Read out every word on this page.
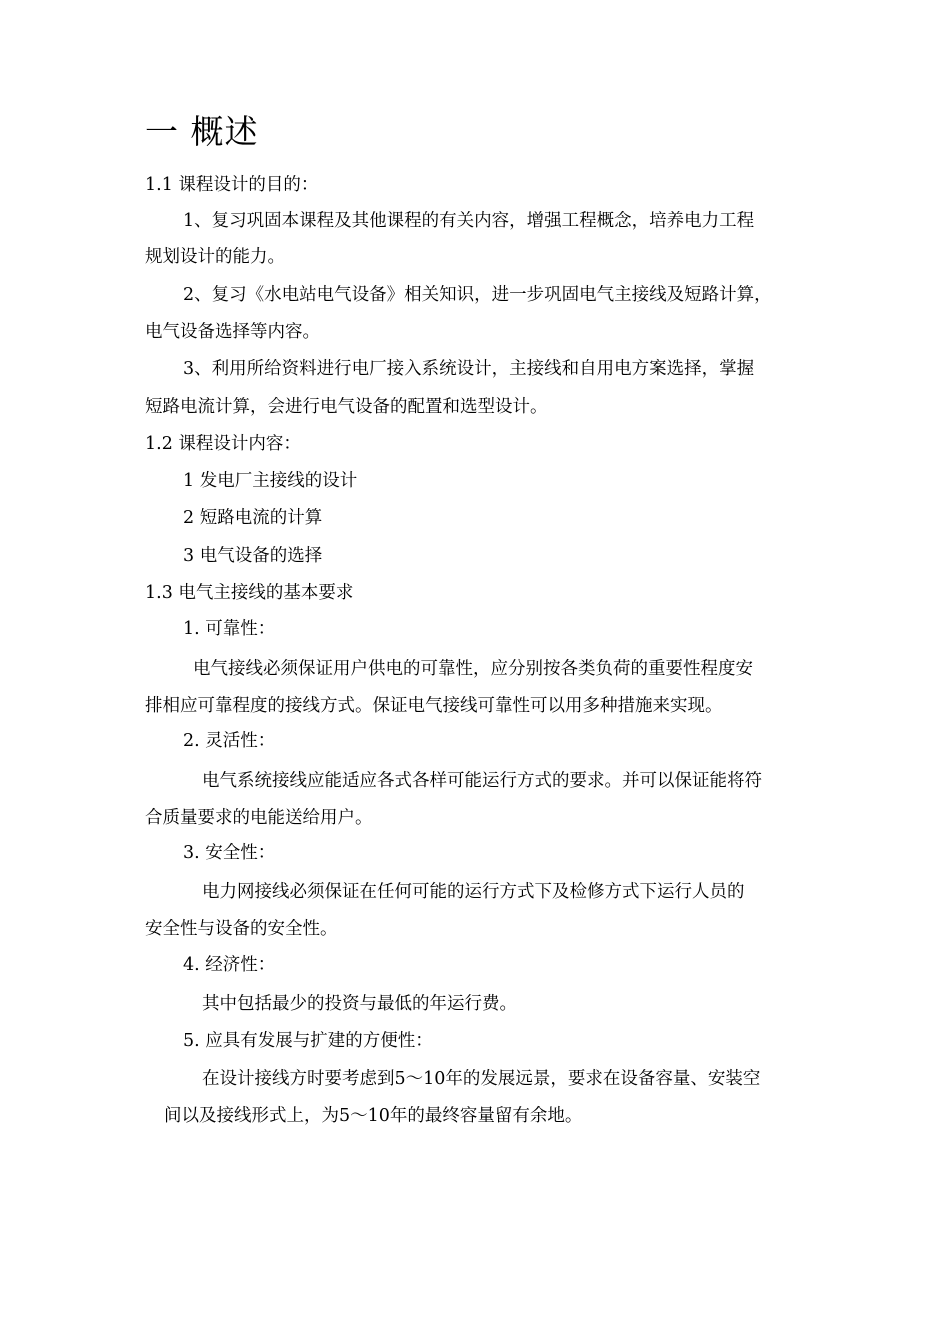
一 概述
1.1 课程设计的目的：
1、复习巩固本课程及其他课程的有关内容，增强工程概念，培养电力工程
规划设计的能力。
2、复习《水电站电气设备》相关知识，进一步巩固电气主接线及短路计算，
电气设备选择等内容。
3、利用所给资料进行电厂接入系统设计，主接线和自用电方案选择，掌握
短路电流计算，会进行电气设备的配置和选型设计。
1.2 课程设计内容：
1 发电厂主接线的设计
2 短路电流的计算
3 电气设备的选择
1.3 电气主接线的基本要求
1. 可靠性：
电气接线必须保证用户供电的可靠性，应分别按各类负荷的重要性程度安
排相应可靠程度的接线方式。保证电气接线可靠性可以用多种措施来实现。
2. 灵活性：
电气系统接线应能适应各式各样可能运行方式的要求。并可以保证能将符
合质量要求的电能送给用户。
3. 安全性：
电力网接线必须保证在任何可能的运行方式下及检修方式下运行人员的
安全性与设备的安全性。
4. 经济性：
其中包括最少的投资与最低的年运行费。
5. 应具有发展与扩建的方便性：
在设计接线方时要考虑到5～10年的发展远景，要求在设备容量、安装空
间以及接线形式上，为5～10年的最终容量留有余地。
